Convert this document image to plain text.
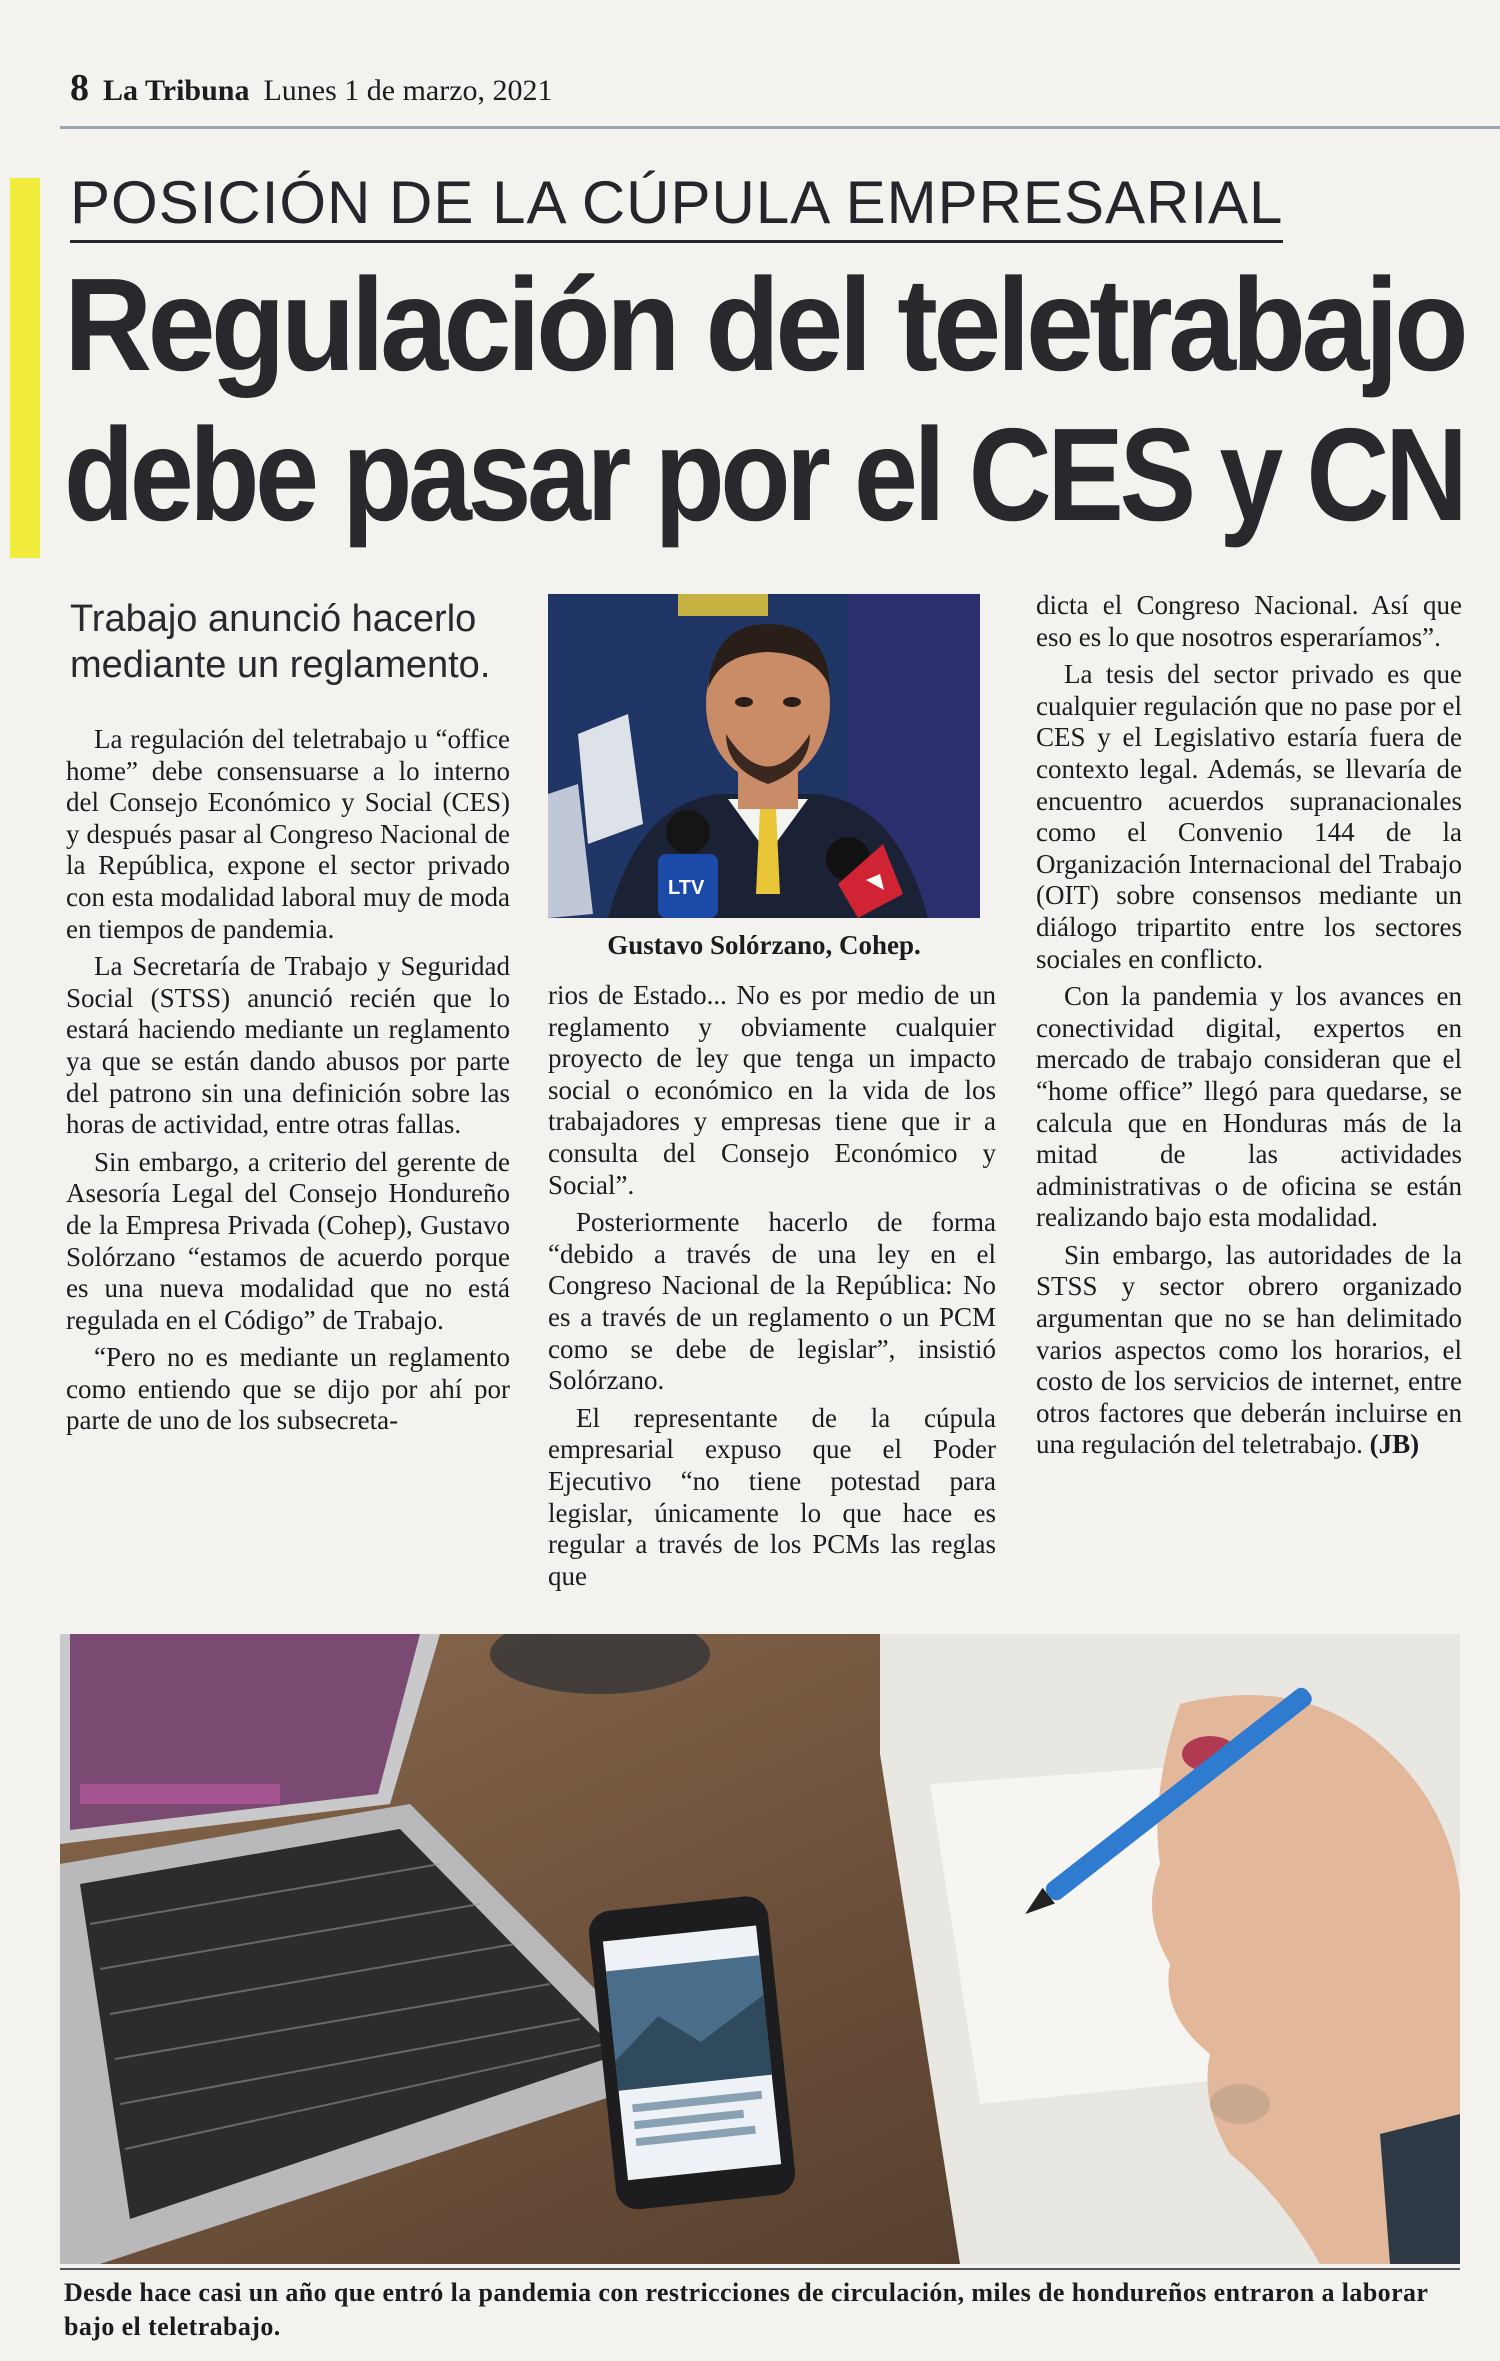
8 La Tribuna Lunes 1 de marzo, 2021
POSICIÓN DE LA CÚPULA EMPRESARIAL
Regulación del teletrabajo
debe pasar por el CES y CN
Trabajo anunció hacerlo mediante un reglamento.

La regulación del teletrabajo u “office home” debe consensuarse a lo interno del Consejo Económico y Social (CES) y después pasar al Congreso Nacional de la República, expone el sector privado con esta modalidad laboral muy de moda en tiempos de pandemia.

La Secretaría de Trabajo y Seguridad Social (STSS) anunció recién que lo estará haciendo mediante un reglamento ya que se están dando abusos por parte del patrono sin una definición sobre las horas de actividad, entre otras fallas.

Sin embargo, a criterio del gerente de Asesoría Legal del Consejo Hondureño de la Empresa Privada (Cohep), Gustavo Solórzano “estamos de acuerdo porque es una nueva modalidad que no está regulada en el Código” de Trabajo.

“Pero no es mediante un reglamento como entiendo que se dijo por ahí por parte de uno de los subsecreta-

LTV
Gustavo Solórzano, Cohep.

rios de Estado... No es por medio de un reglamento y obviamente cualquier proyecto de ley que tenga un impacto social o económico en la vida de los trabajadores y empresas tiene que ir a consulta del Consejo Económico y Social”.

Posteriormente hacerlo de forma “debido a través de una ley en el Congreso Nacional de la República: No es a través de un reglamento o un PCM como se debe de legislar”, insistió Solórzano.

El representante de la cúpula empresarial expuso que el Poder Ejecutivo “no tiene potestad para legislar, únicamente lo que hace es regular a través de los PCMs las reglas que

dicta el Congreso Nacional. Así que eso es lo que nosotros esperaríamos”.

La tesis del sector privado es que cualquier regulación que no pase por el CES y el Legislativo estaría fuera de contexto legal. Además, se llevaría de encuentro acuerdos supranacionales como el Convenio 144 de la Organización Internacional del Trabajo (OIT) sobre consensos mediante un diálogo tripartito entre los sectores sociales en conflicto.

Con la pandemia y los avances en conectividad digital, expertos en mercado de trabajo consideran que el “home office” llegó para quedarse, se calcula que en Honduras más de la mitad de las actividades administrativas o de oficina se están realizando bajo esta modalidad.

Sin embargo, las autoridades de la STSS y sector obrero organizado argumentan que no se han delimitado varios aspectos como los horarios, el costo de los servicios de internet, entre otros factores que deberán incluirse en una regulación del teletrabajo. (JB)

Desde hace casi un año que entró la pandemia con restricciones de circulación, miles de hondureños entraron a laborar bajo el teletrabajo.
